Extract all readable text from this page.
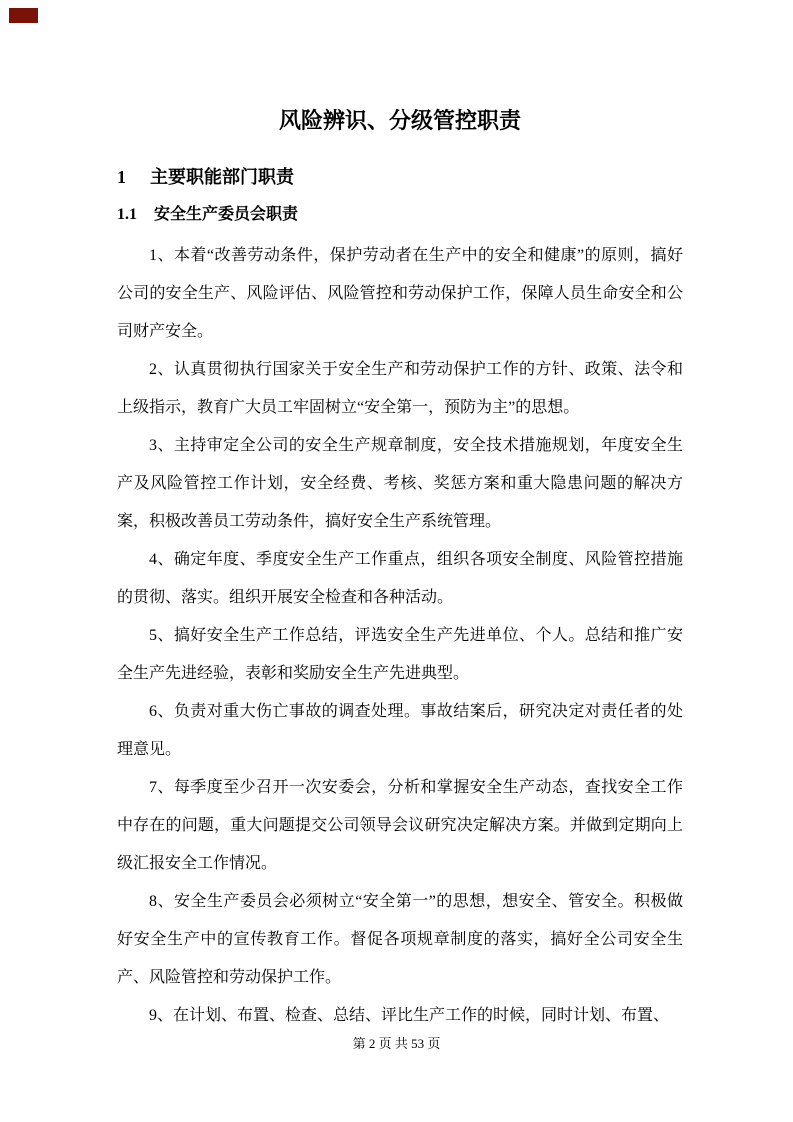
风险辨识、分级管控职责
1 主要职能部门职责
1.1 安全生产委员会职责

1、本着“改善劳动条件，保护劳动者在生产中的安全和健康”的原则，搞好公司的安全生产、风险评估、风险管控和劳动保护工作，保障人员生命安全和公司财产安全。

2、认真贯彻执行国家关于安全生产和劳动保护工作的方针、政策、法令和上级指示，教育广大员工牢固树立“安全第一，预防为主”的思想。

3、主持审定全公司的安全生产规章制度，安全技术措施规划，年度安全生产及风险管控工作计划，安全经费、考核、奖惩方案和重大隐患问题的解决方案，积极改善员工劳动条件，搞好安全生产系统管理。

4、确定年度、季度安全生产工作重点，组织各项安全制度、风险管控措施的贯彻、落实。组织开展安全检查和各种活动。

5、搞好安全生产工作总结，评选安全生产先进单位、个人。总结和推广安全生产先进经验，表彰和奖励安全生产先进典型。

6、负责对重大伤亡事故的调查处理。事故结案后，研究决定对责任者的处理意见。

7、每季度至少召开一次安委会，分析和掌握安全生产动态，查找安全工作中存在的问题，重大问题提交公司领导会议研究决定解决方案。并做到定期向上级汇报安全工作情况。

8、安全生产委员会必须树立“安全第一”的思想，想安全、管安全。积极做好安全生产中的宣传教育工作。督促各项规章制度的落实，搞好全公司安全生产、风险管控和劳动保护工作。

9、在计划、布置、检查、总结、评比生产工作的时候，同时计划、布置、

第 2 页 共 53 页
